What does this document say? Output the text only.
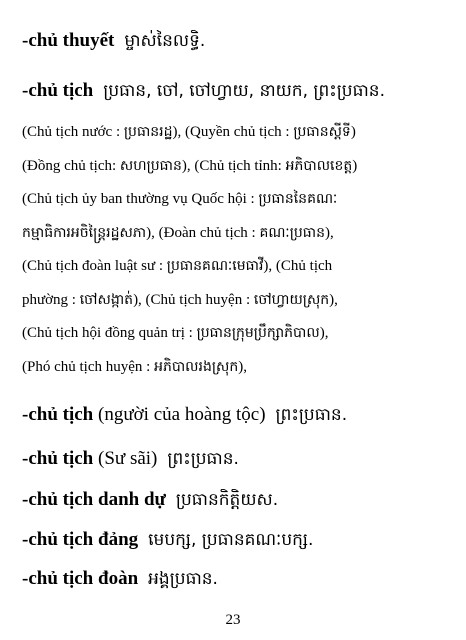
-chủ thuyết ម្ចាស់នៃលទ្ធិ.
-chủ tịch ប្រធាន, ចៅ, ចៅហ្វាយ, នាយក, ព្រះប្រធាន.
(Chủ tịch nước : ប្រធានរដ្ឋ), (Quyền chủ tịch : ប្រធានស្តីទី)
(Đồng chủ tịch: សហប្រធាន), (Chủ tịch tỉnh: អភិបាលខេត្ត)
(Chủ tịch ủy ban thường vụ Quốc hội : ប្រធាននៃគណៈ
កម្មាធិការអចិន្ត្រៃរដ្ឋសភា), (Đoàn chủ tịch : គណៈប្រធាន),
(Chủ tịch đoàn luật sư : ប្រធានគណៈមេធាវី), (Chủ tịch
phường : ចៅសង្កាត់), (Chủ tịch huyện : ចៅហ្វាយស្រុក),
(Chủ tịch hội đồng quản trị : ប្រធានក្រុមប្រឹក្សាភិបាល),
(Phó chủ tịch huyện : អភិបាលរងស្រុក),
-chủ tịch (người của hoàng tộc) ព្រះប្រធាន.
-chủ tịch (Sư sãi) ព្រះប្រធាន.
-chủ tịch danh dự ប្រធានកិត្តិយស.
-chủ tịch đảng មេបក្ស, ប្រធានគណៈបក្ស.
-chủ tịch đoàn អង្គប្រធាន.
23
